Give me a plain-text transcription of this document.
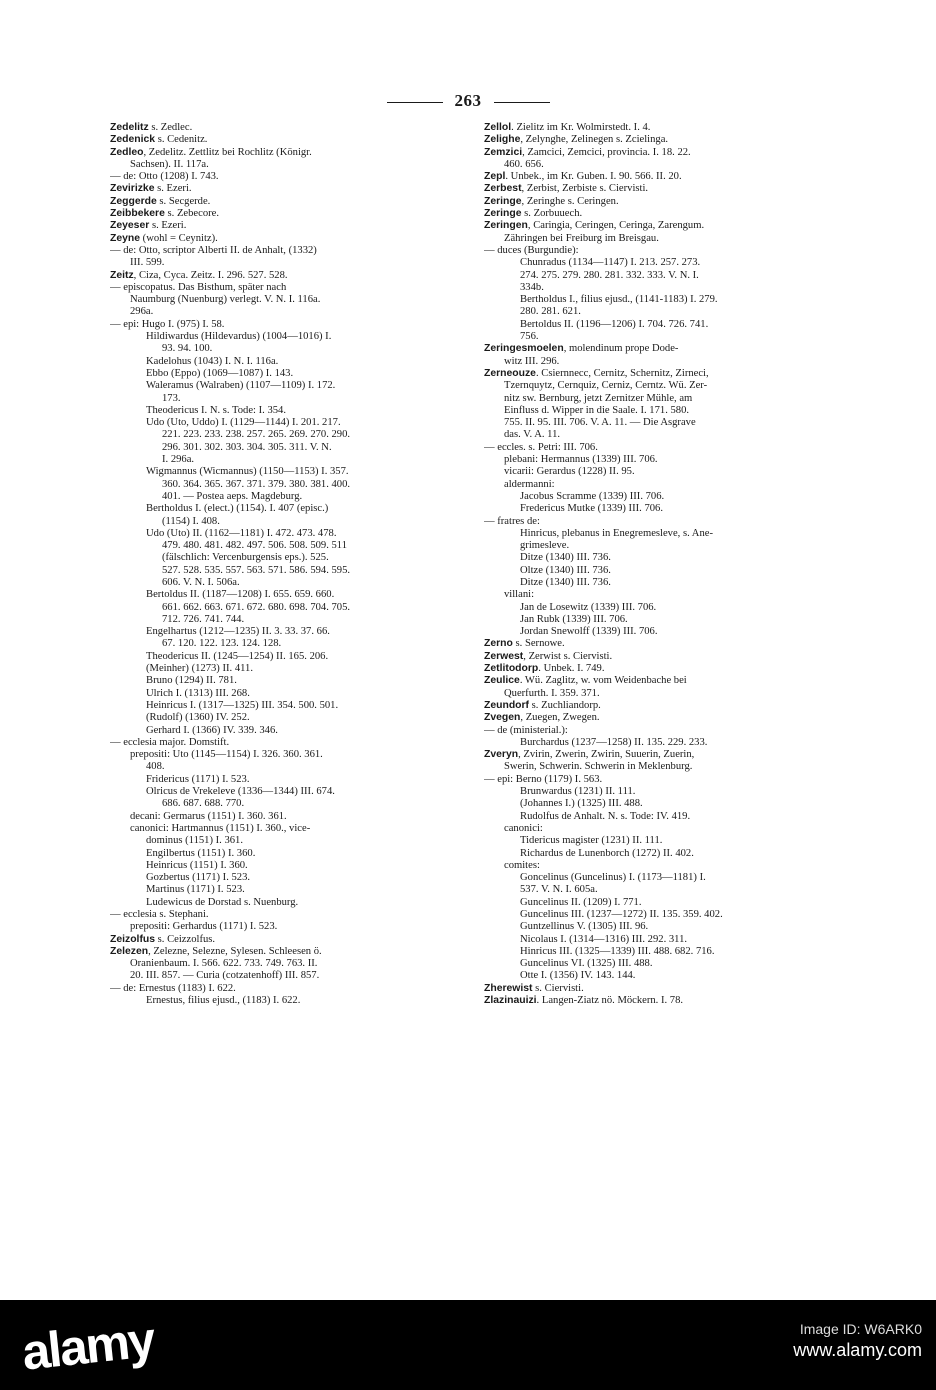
263
Zedelitz s. Zedlec.
Zedenick s. Cedenitz.
Zedleo, Zedelitz. Zettlitz bei Rochlitz (Königr.
Sachsen). II. 117a.
— de: Otto (1208) I. 743.
Zevirizke s. Ezeri.
Zeggerde s. Secgerde.
Zeibbekere s. Zebecore.
Zeyeser s. Ezeri.
Zeyne (wohl = Ceynitz).
— de: Otto, scriptor Alberti II. de Anhalt, (1332)
III. 599.
Zeitz, Ciza, Cyca. Zeitz. I. 296. 527. 528.
— episcopatus. Das Bisthum, später nach
Naumburg (Nuenburg) verlegt. V. N. I. 116a.
296a.
— epi: Hugo I. (975) I. 58.
Hildiwardus (Hildevardus) (1004—1016) I.
93. 94. 100.
Kadelohus (1043) I. N. I. 116a.
Ebbo (Eppo) (1069—1087) I. 143.
Waleramus (Walraben) (1107—1109) I. 172.
173.
Theodericus I. N. s. Tode: I. 354.
Udo (Uto, Uddo) I. (1129—1144) I. 201. 217.
221. 223. 233. 238. 257. 265. 269. 270. 290.
296. 301. 302. 303. 304. 305. 311. V. N.
I. 296a.
Wigmannus (Wicmannus) (1150—1153) I. 357.
360. 364. 365. 367. 371. 379. 380. 381. 400.
401. — Postea aeps. Magdeburg.
Bertholdus I. (elect.) (1154). I. 407 (episc.)
(1154) I. 408.
Udo (Uto) II. (1162—1181) I. 472. 473. 478.
479. 480. 481. 482. 497. 506. 508. 509. 511
(fälschlich: Vercenburgensis eps.). 525.
527. 528. 535. 557. 563. 571. 586. 594. 595.
606. V. N. I. 506a.
Bertoldus II. (1187—1208) I. 655. 659. 660.
661. 662. 663. 671. 672. 680. 698. 704. 705.
712. 726. 741. 744.
Engelhartus (1212—1235) II. 3. 33. 37. 66.
67. 120. 122. 123. 124. 128.
Theodericus II. (1245—1254) II. 165. 206.
(Meinher) (1273) II. 411.
Bruno (1294) II. 781.
Ulrich I. (1313) III. 268.
Heinricus I. (1317—1325) III. 354. 500. 501.
(Rudolf) (1360) IV. 252.
Gerhard I. (1366) IV. 339. 346.
— ecclesia major. Domstift.
prepositi: Uto (1145—1154) I. 326. 360. 361.
408.
Fridericus (1171) I. 523.
Olricus de Vrekeleve (1336—1344) III. 674.
686. 687. 688. 770.
decani: Germarus (1151) I. 360. 361.
canonici: Hartmannus (1151) I. 360., vice-
dominus (1151) I. 361.
Engilbertus (1151) I. 360.
Heinricus (1151) I. 360.
Gozbertus (1171) I. 523.
Martinus (1171) I. 523.
Ludewicus de Dorstad s. Nuenburg.
— ecclesia s. Stephani.
prepositi: Gerhardus (1171) I. 523.
Zeizolfus s. Ceizzolfus.
Zelezen, Zelezne, Selezne, Sylesen. Schleesen ö.
Oranienbaum. I. 566. 622. 733. 749. 763. II.
20. III. 857. — Curia (cotzatenhoff) III. 857.
— de: Ernestus (1183) I. 622.
Ernestus, filius ejusd., (1183) I. 622.
Zellol. Zielitz im Kr. Wolmirstedt. I. 4.
Zelighe, Zelynghe, Zelinegen s. Zcielinga.
Zemzici, Zamcici, Zemcici, provincia. I. 18. 22.
460. 656.
Zepl. Unbek., im Kr. Guben. I. 90. 566. II. 20.
Zerbest, Zerbist, Zerbiste s. Ciervisti.
Zeringe, Zeringhe s. Ceringen.
Zeringe s. Zorbuuech.
Zeringen, Caringia, Ceringen, Ceringa, Zarengum.
Zähringen bei Freiburg im Breisgau.
— duces (Burgundie):
Chunradus (1134—1147) I. 213. 257. 273.
274. 275. 279. 280. 281. 332. 333. V. N. I.
334b.
Bertholdus I., filius ejusd., (1141-1183) I. 279.
280. 281. 621.
Bertoldus II. (1196—1206) I. 704. 726. 741.
756.
Zeringesmoelen, molendinum prope Dode-
witz III. 296.
Zerneouze. Csiernnecc, Cernitz, Schernitz, Zirneci,
Tzernquytz, Cernquiz, Cerniz, Cerntz. Wü. Zer-
nitz sw. Bernburg, jetzt Zernitzer Mühle, am
Einfluss d. Wipper in die Saale. I. 171. 580.
755. II. 95. III. 706. V. A. 11. — Die Asgrave
das. V. A. 11.
— eccles. s. Petri: III. 706.
plebani: Hermannus (1339) III. 706.
vicarii: Gerardus (1228) II. 95.
aldermanni:
Jacobus Scramme (1339) III. 706.
Fredericus Mutke (1339) III. 706.
— fratres de:
Hinricus, plebanus in Enegremesleve, s. Ane-
grimesleve.
Ditze (1340) III. 736.
Oltze (1340) III. 736.
Ditze (1340) III. 736.
villani:
Jan de Losewitz (1339) III. 706.
Jan Rubk (1339) III. 706.
Jordan Snewolff (1339) III. 706.
Zerno s. Sernowe.
Zerwest, Zerwist s. Ciervisti.
Zetlitodorp. Unbek. I. 749.
Zeulice. Wü. Zaglitz, w. vom Weidenbache bei
Querfurth. I. 359. 371.
Zeundorf s. Zuchliandorp.
Zvegen, Zuegen, Zwegen.
— de (ministerial.):
Burchardus (1237—1258) II. 135. 229. 233.
Zveryn, Zvirin, Zwerin, Zwirin, Suuerin, Zuerin,
Swerin, Schwerin. Schwerin in Meklenburg.
— epi: Berno (1179) I. 563.
Brunwardus (1231) II. 111.
(Johannes I.) (1325) III. 488.
Rudolfus de Anhalt. N. s. Tode: IV. 419.
canonici:
Tidericus magister (1231) II. 111.
Richardus de Lunenborch (1272) II. 402.
comites:
Goncelinus (Guncelinus) I. (1173—1181) I.
537. V. N. I. 605a.
Guncelinus II. (1209) I. 771.
Guncelinus III. (1237—1272) II. 135. 359. 402.
Guntzellinus V. (1305) III. 96.
Nicolaus I. (1314—1316) III. 292. 311.
Hinricus III. (1325—1339) III. 488. 682. 716.
Guncelinus VI. (1325) III. 488.
Otte I. (1356) IV. 143. 144.
Zherewist s. Ciervisti.
Zlazinauizi. Langen-Ziatz nö. Möckern. I. 78.
alamy	Image ID: W6ARK0
www.alamy.com
